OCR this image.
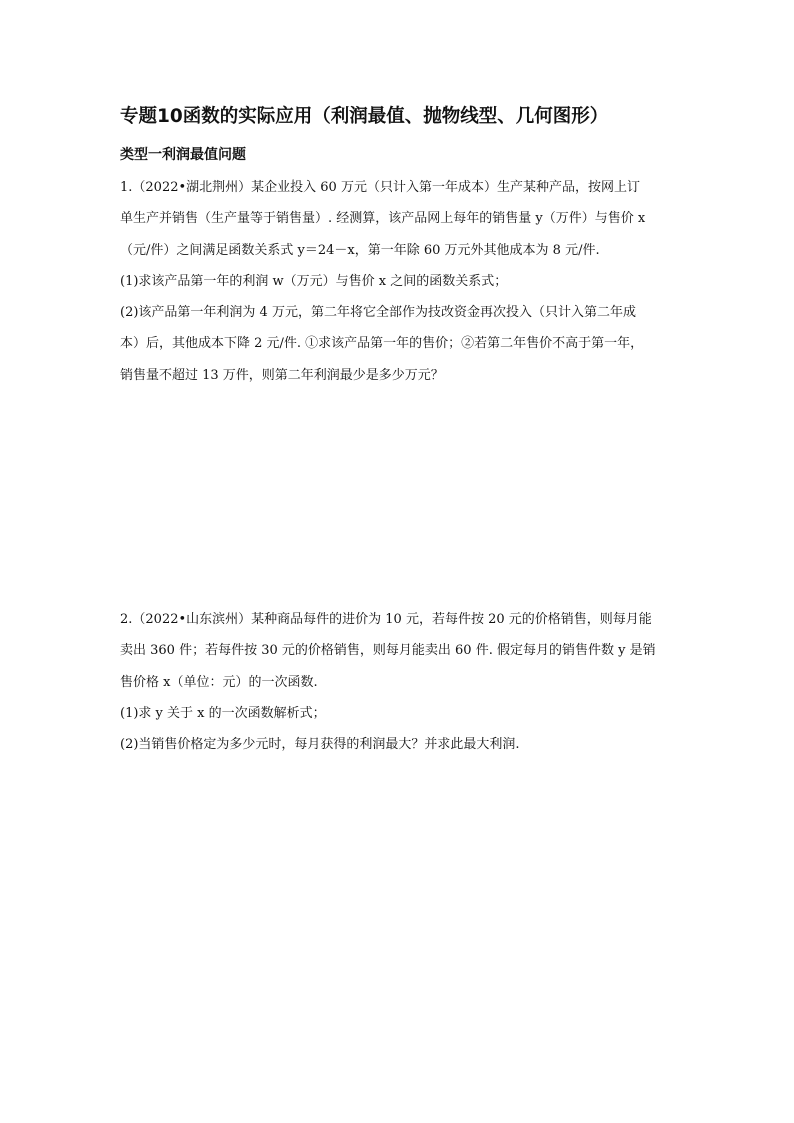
专题10函数的实际应用（利润最值、抛物线型、几何图形）
类型一利润最值问题
1.（2022•湖北荆州）某企业投入 60 万元（只计入第一年成本）生产某种产品，按网上订
单生产并销售（生产量等于销售量）. 经测算，该产品网上每年的销售量 y（万件）与售价 x
（元/件）之间满足函数关系式 y＝24－x，第一年除 60 万元外其他成本为 8 元/件.
(1)求该产品第一年的利润 w（万元）与售价 x 之间的函数关系式；
(2)该产品第一年利润为 4 万元，第二年将它全部作为技改资金再次投入（只计入第二年成
本）后，其他成本下降 2 元/件. ①求该产品第一年的售价；②若第二年售价不高于第一年，
销售量不超过 13 万件，则第二年利润最少是多少万元？
2.（2022•山东滨州）某种商品每件的进价为 10 元，若每件按 20 元的价格销售，则每月能
卖出 360 件；若每件按 30 元的价格销售，则每月能卖出 60 件. 假定每月的销售件数 y 是销
售价格 x（单位：元）的一次函数.
(1)求 y 关于 x 的一次函数解析式；
(2)当销售价格定为多少元时，每月获得的利润最大？并求此最大利润.
